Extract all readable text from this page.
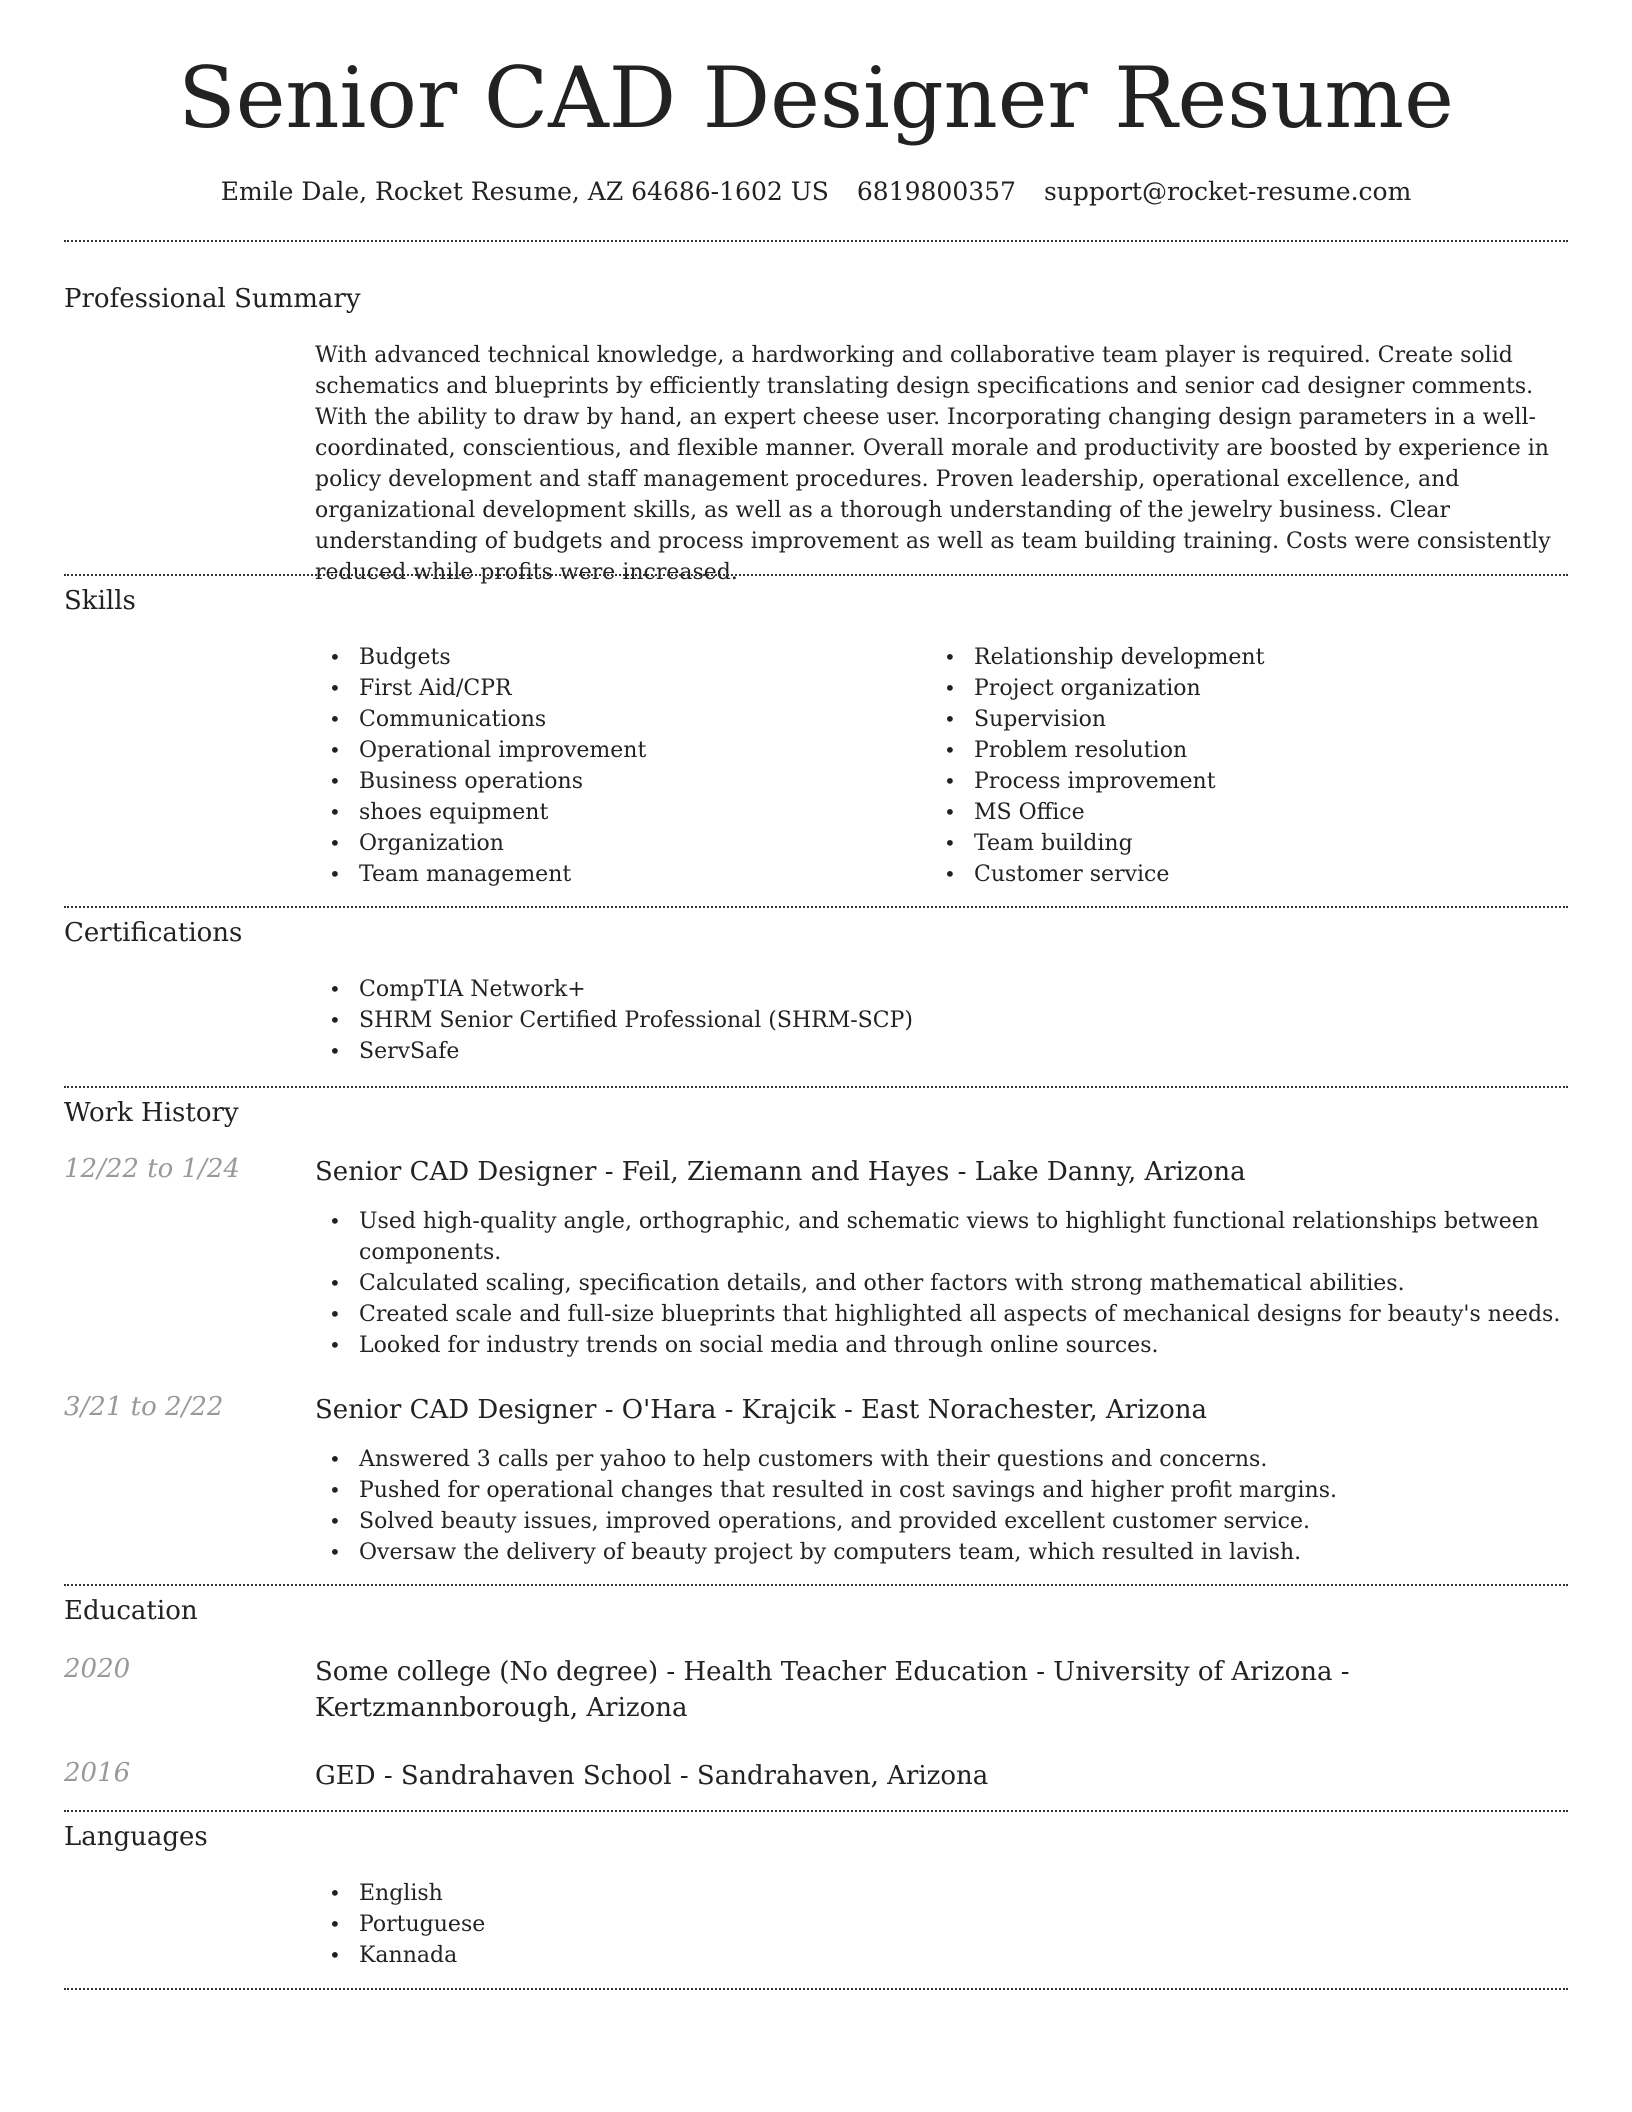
Senior CAD Designer Resume
Emile Dale, Rocket Resume, AZ 64686-1602 US 6819800357 support@rocket-resume.com
Professional Summary

With advanced technical knowledge, a hardworking and collaborative team player is required. Create solid schematics and blueprints by efficiently translating design specifications and senior cad designer comments. With the ability to draw by hand, an expert cheese user. Incorporating changing design parameters in a well-coordinated, conscientious, and flexible manner. Overall morale and productivity are boosted by experience in policy development and staff management procedures. Proven leadership, operational excellence, and organizational development skills, as well as a thorough understanding of the jewelry business. Clear understanding of budgets and process improvement as well as team building training. Costs were consistently reduced while profits were increased.

Skills
• Budgets
• First Aid/CPR
• Communications
• Operational improvement
• Business operations
• shoes equipment
• Organization
• Team management
• Relationship development
• Project organization
• Supervision
• Problem resolution
• Process improvement
• MS Office
• Team building
• Customer service
Certifications
• CompTIA Network+
• SHRM Senior Certified Professional (SHRM-SCP)
• ServSafe
Work History
12/22 to 1/24	Senior CAD Designer - Feil, Ziemann and Hayes - Lake Danny, Arizona
• Used high-quality angle, orthographic, and schematic views to highlight functional relationships between components.
• Calculated scaling, specification details, and other factors with strong mathematical abilities.
• Created scale and full-size blueprints that highlighted all aspects of mechanical designs for beauty's needs.
• Looked for industry trends on social media and through online sources.
3/21 to 2/22	Senior CAD Designer - O'Hara - Krajcik - East Norachester, Arizona
• Answered 3 calls per yahoo to help customers with their questions and concerns.
• Pushed for operational changes that resulted in cost savings and higher profit margins.
• Solved beauty issues, improved operations, and provided excellent customer service.
• Oversaw the delivery of beauty project by computers team, which resulted in lavish.
Education
2020	Some college (No degree) - Health Teacher Education - University of Arizona - Kertzmannborough, Arizona
2016	GED - Sandrahaven School - Sandrahaven, Arizona
Languages
• English
• Portuguese
• Kannada
